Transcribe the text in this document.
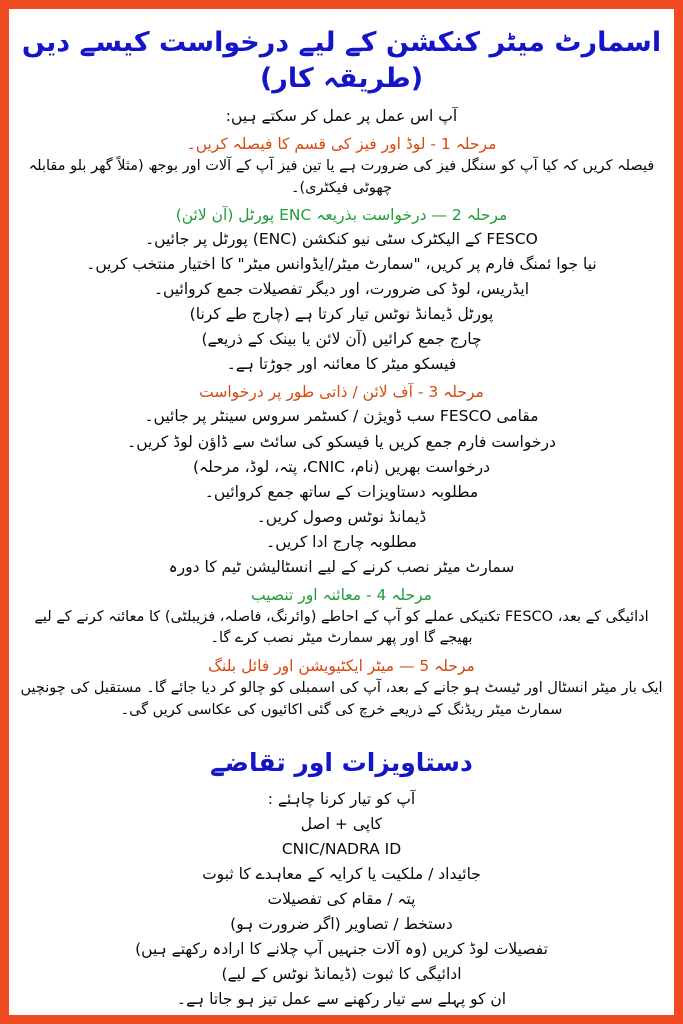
اسمارٹ میٹر کنکشن کے لیے درخواست کیسے دیں (طریقہ کار)
آپ اس عمل پر عمل کر سکتے ہیں:
مرحلہ 1 - لوڈ اور فیز کی قسم کا فیصلہ کریں۔
فیصلہ کریں کہ کیا آپ کو سنگل فیز کی ضرورت ہے یا تین فیز آپ کے آلات اور بوجھ (مثلاً گھر بلو مقابلہ چھوٹی فیکٹری)۔
مرحلہ 2 — درخواست بذریعہ ENC پورٹل (آن لائن)
FESCO کے الیکٹرک سٹی نیو کنکشن (ENC) پورٹل پر جائیں۔
نیا جوا ئمنگ فارم پر کریں، "سمارٹ میٹر/ایڈوانس میٹر" کا اختیار منتخب کریں۔
ایڈریس، لوڈ کی ضرورت، اور دیگر تفصیلات جمع کروائیں۔
پورٹل ڈیمانڈ نوٹس تیار کرتا ہے (چارج طے کرنا)
چارج جمع کرائیں (آن لائن یا بینک کے ذریعے)
فیسکو میٹر کا معائنہ اور جوڑتا ہے۔
مرحلہ 3 - آف لائن / ذاتی طور پر درخواست
مقامی FESCO سب ڈویژن / کسٹمر سروس سینٹر پر جائیں۔
درخواست فارم جمع کریں یا فیسکو کی سائٹ سے ڈاؤن لوڈ کریں۔
درخواست بھریں (نام، CNIC، پتہ، لوڈ، مرحلہ)
مطلوبہ دستاویزات کے ساتھ جمع کروائیں۔
ڈیمانڈ نوٹس وصول کریں۔
مطلوبہ چارج ادا کریں۔
سمارٹ میٹر نصب کرنے کے لیے انسٹالیشن ٹیم کا دورہ
مرحلہ 4 - معائنہ اور تنصیب
ادائیگی کے بعد، FESCO تکنیکی عملے کو آپ کے احاطے (وائرنگ، فاصلہ، فزیبلٹی) کا معائنہ کرنے کے لیے بھیجے گا اور پھر سمارٹ میٹر نصب کرے گا۔
مرحلہ 5 — میٹر ایکٹیویشن اور فائل بلنگ
ایک بار میٹر انسٹال اور ٹیسٹ ہو جانے کے بعد، آپ کی اسمبلی کو چالو کر دیا جائے گا۔ مستقبل کی چونچیں سمارٹ میٹر ریڈنگ کے ذریعے خرچ کی گئی اکائیوں کی عکاسی کریں گی۔
دستاویزات اور تقاضے
آپ کو تیار کرنا چاہئے :
کاپی + اصل
CNIC/NADRA ID
جائیداد / ملکیت یا کرایہ کے معاہدے کا ثبوت
پتہ / مقام کی تفصیلات
دستخط / تصاویر (اگر ضرورت ہو)
تفصیلات لوڈ کریں (وہ آلات جنہیں آپ چلانے کا ارادہ رکھتے ہیں)
ادائیگی کا ثبوت (ڈیمانڈ نوٹس کے لیے)
ان کو پہلے سے تیار رکھنے سے عمل تیز ہو جاتا ہے۔
